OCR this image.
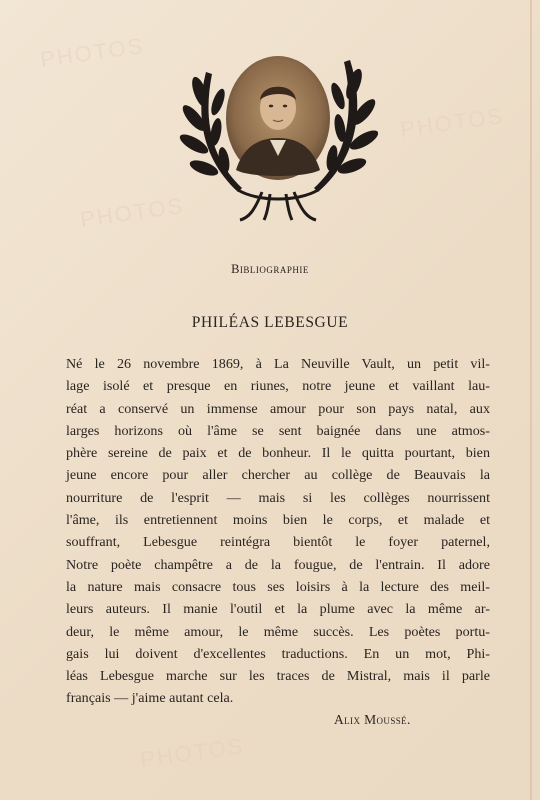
PHOTOS
PHOTOS
PHOTOS
PHOTOS
Bibliographie
PHILÉAS LEBESGUE
Né le 26 novembre 1869, à La Neuville Vault, un petit vil-
lage isolé et presque en riunes, notre jeune et vaillant lau-
réat a conservé un immense amour pour son pays natal, aux
larges horizons où l'âme se sent baignée dans une atmos-
phère sereine de paix et de bonheur. Il le quitta pourtant, bien
jeune encore pour aller chercher au collège de Beauvais la
nourriture de l'esprit — mais si les collèges nourrissent
l'âme, ils entretiennent moins bien le corps, et malade et
souffrant, Lebesgue reintégra bientôt le foyer paternel,
Notre poète champêtre a de la fougue, de l'entrain. Il adore
la nature mais consacre tous ses loisirs à la lecture des meil-
leurs auteurs. Il manie l'outil et la plume avec la même ar-
deur, le même amour, le même succès. Les poètes portu-
gais lui doivent d'excellentes traductions. En un mot, Phi-
léas Lebesgue marche sur les traces de Mistral, mais il parle
français — j'aime autant cela.
Alix Moussé.
